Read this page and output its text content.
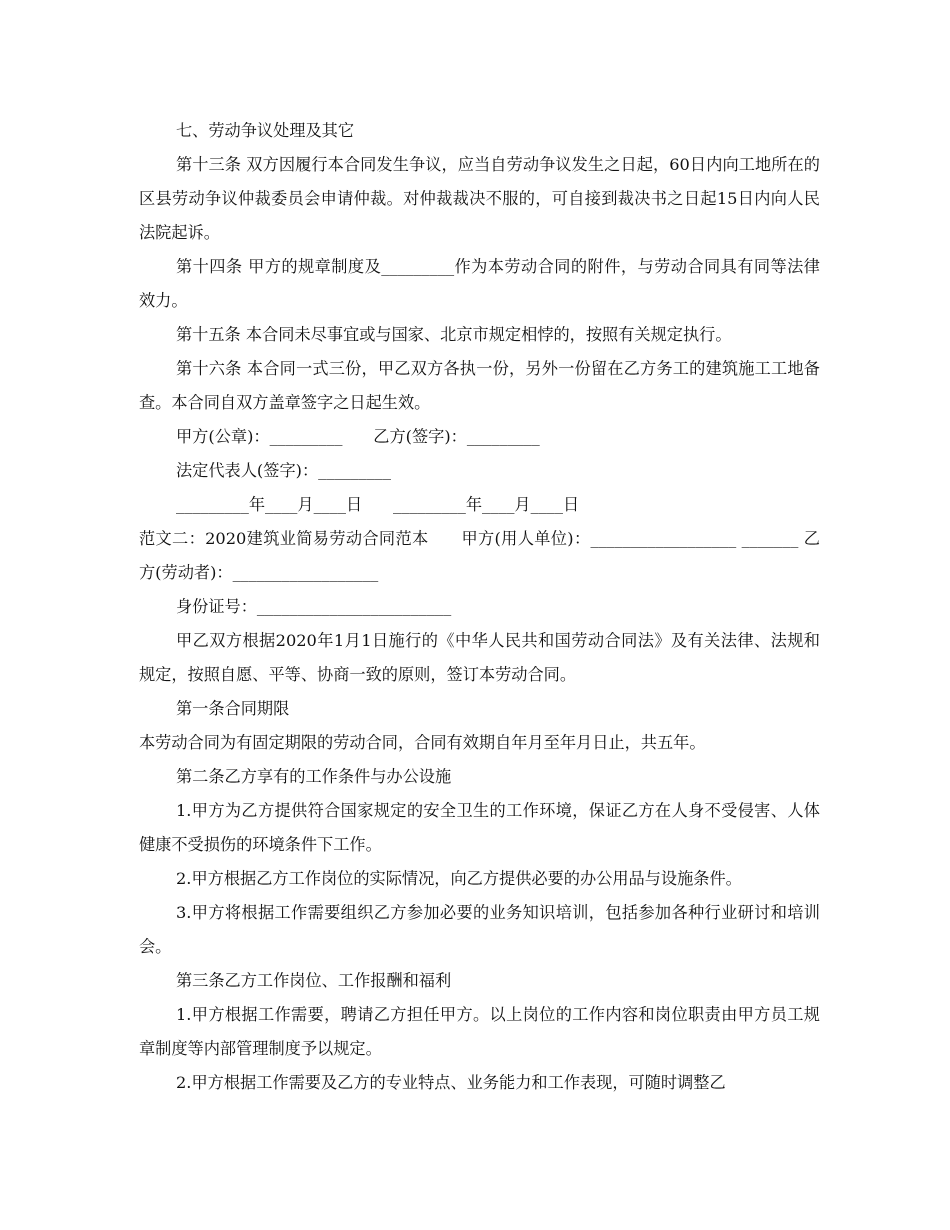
七、劳动争议处理及其它

第十三条 双方因履行本合同发生争议，应当自劳动争议发生之日起，60日内向工地所在的区县劳动争议仲裁委员会申请仲裁。对仲裁裁决不服的，可自接到裁决书之日起15日内向人民法院起诉。

第十四条 甲方的规章制度及_________作为本劳动合同的附件，与劳动合同具有同等法律效力。

第十五条 本合同未尽事宜或与国家、北京市规定相悖的，按照有关规定执行。

第十六条 本合同一式三份，甲乙双方各执一份，另外一份留在乙方务工的建筑施工工地备查。本合同自双方盖章签字之日起生效。

甲方(公章)：_________      乙方(签字)：_________

法定代表人(签字)：_________

_________年____月____日      _________年____月____日

范文二：2020建筑业简易劳动合同范本      甲方(用人单位)：__________________ _______ 乙方(劳动者)：__________________

身份证号：________________________

甲乙双方根据2020年1月1日施行的《中华人民共和国劳动合同法》及有关法律、法规和规定，按照自愿、平等、协商一致的原则，签订本劳动合同。

第一条合同期限

本劳动合同为有固定期限的劳动合同，合同有效期自年月至年月日止，共五年。

第二条乙方享有的工作条件与办公设施

1.甲方为乙方提供符合国家规定的安全卫生的工作环境，保证乙方在人身不受侵害、人体健康不受损伤的环境条件下工作。

2.甲方根据乙方工作岗位的实际情况，向乙方提供必要的办公用品与设施条件。

3.甲方将根据工作需要组织乙方参加必要的业务知识培训，包括参加各种行业研讨和培训会。

第三条乙方工作岗位、工作报酬和福利

1.甲方根据工作需要，聘请乙方担任甲方。以上岗位的工作内容和岗位职责由甲方员工规章制度等内部管理制度予以规定。

2.甲方根据工作需要及乙方的专业特点、业务能力和工作表现，可随时调整乙
